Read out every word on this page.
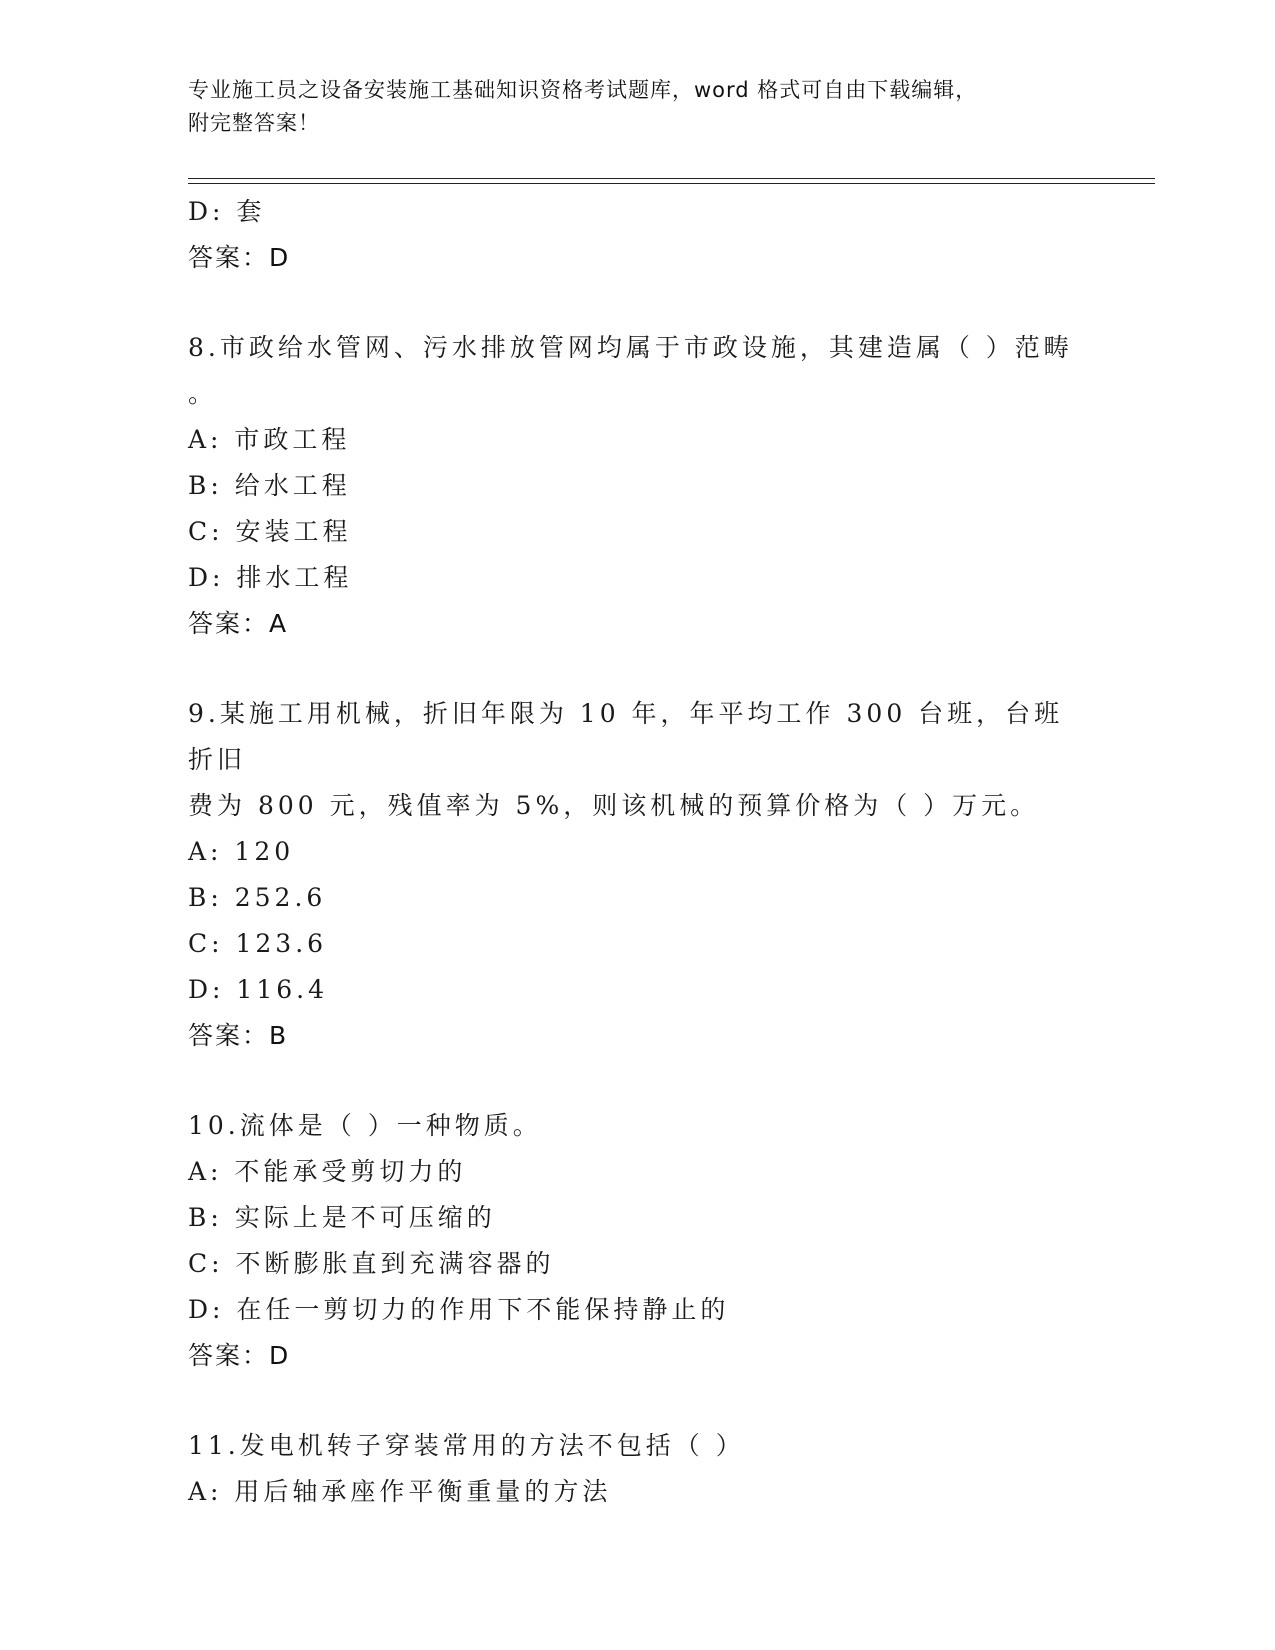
专业施工员之设备安装施工基础知识资格考试题库，word 格式可自由下载编辑，
附完整答案！
D: 套
答案：D
8.市政给水管网、污水排放管网均属于市政设施，其建造属（ ）范畴
。
A: 市政工程
B: 给水工程
C: 安装工程
D: 排水工程
答案：A
9.某施工用机械，折旧年限为 10 年，年平均工作 300 台班，台班折旧
费为 800 元，残值率为 5%，则该机械的预算价格为（ ）万元。
A: 120
B: 252.6
C: 123.6
D: 116.4
答案：B
10.流体是（ ）一种物质。
A: 不能承受剪切力的
B: 实际上是不可压缩的
C: 不断膨胀直到充满容器的
D: 在任一剪切力的作用下不能保持静止的
答案：D
11.发电机转子穿装常用的方法不包括（ ）
A: 用后轴承座作平衡重量的方法
